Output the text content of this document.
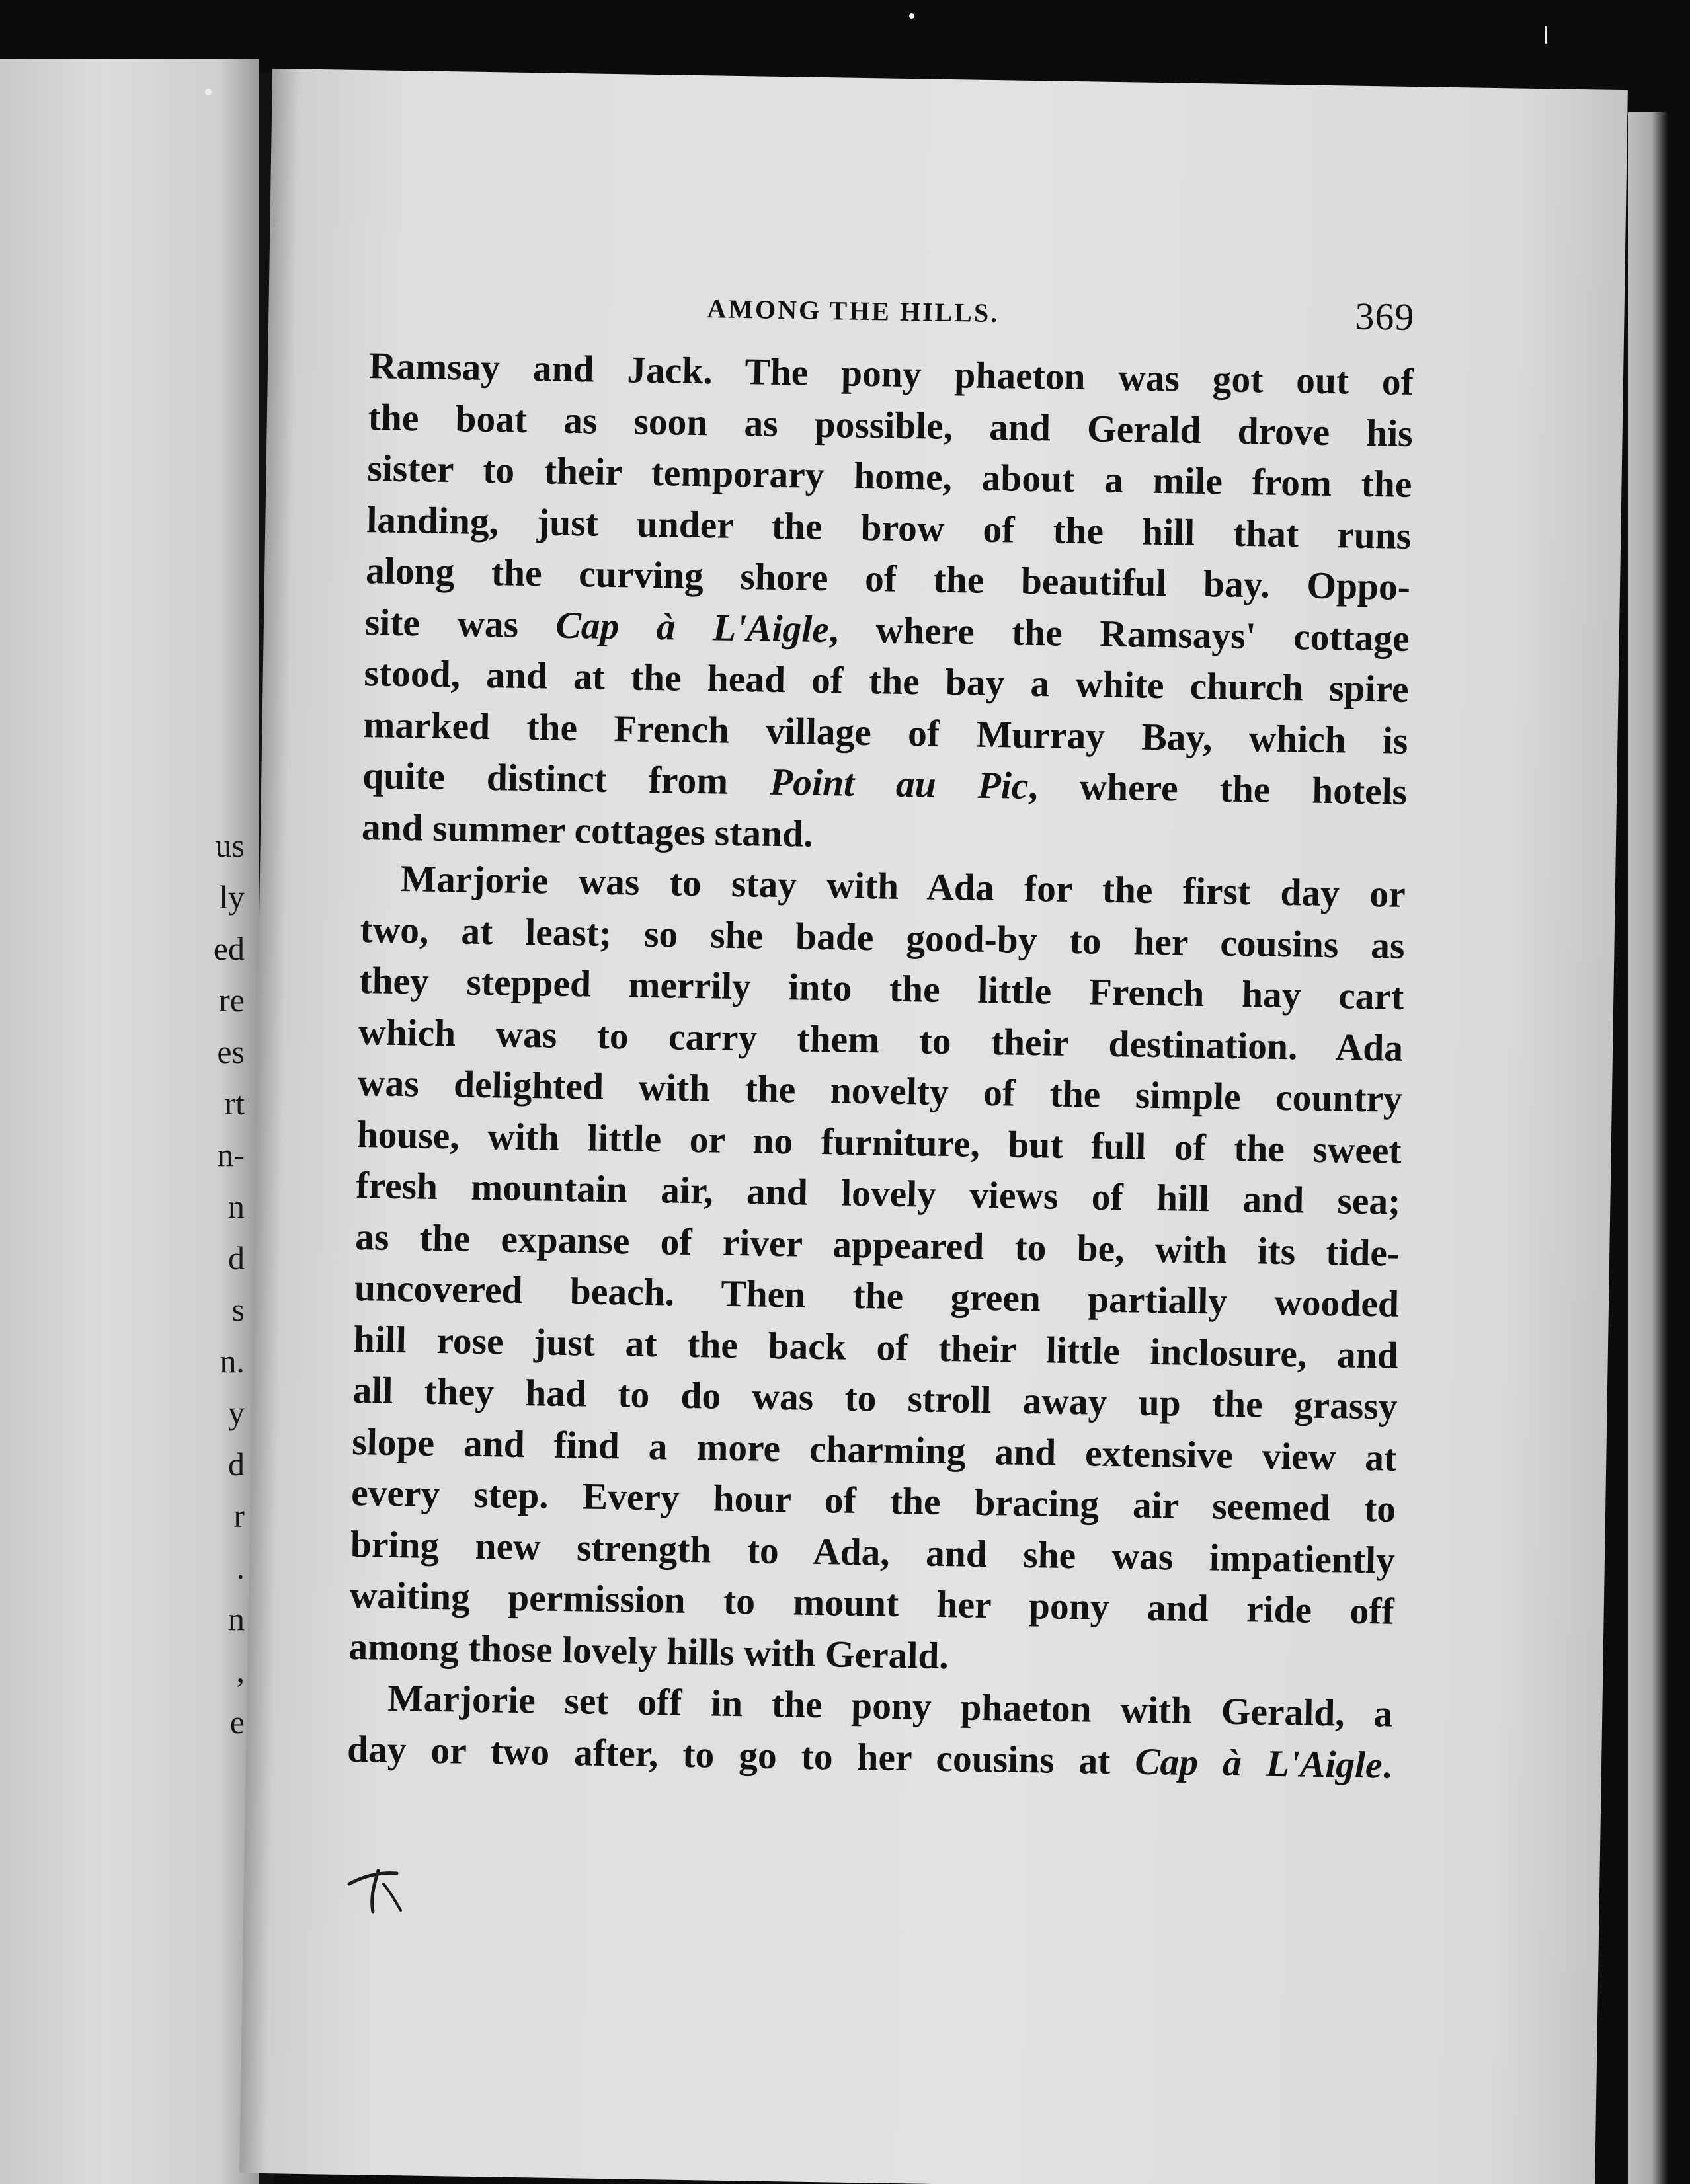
us
ly
ed
re
es
rt
n-
n
d
s
n.
y
d
r
.
n
,
e
AMONG THE HILLS.	369
Ramsay and Jack. The pony phaeton was got out of
the boat as soon as possible, and Gerald drove his
sister to their temporary home, about a mile from the
landing, just under the brow of the hill that runs
along the curving shore of the beautiful bay. Oppo-
site was Cap à L'Aigle, where the Ramsays' cottage
stood, and at the head of the bay a white church spire
marked the French village of Murray Bay, which is
quite distinct from Point au Pic, where the hotels
and summer cottages stand.
Marjorie was to stay with Ada for the first day or
two, at least; so she bade good-by to her cousins as
they stepped merrily into the little French hay cart
which was to carry them to their destination. Ada
was delighted with the novelty of the simple country
house, with little or no furniture, but full of the sweet
fresh mountain air, and lovely views of hill and sea;
as the expanse of river appeared to be, with its tide-
uncovered beach. Then the green partially wooded
hill rose just at the back of their little inclosure, and
all they had to do was to stroll away up the grassy
slope and find a more charming and extensive view at
every step. Every hour of the bracing air seemed to
bring new strength to Ada, and she was impatiently
waiting permission to mount her pony and ride off
among those lovely hills with Gerald.
Marjorie set off in the pony phaeton with Gerald, a
day or two after, to go to her cousins at Cap à L'Aigle.
